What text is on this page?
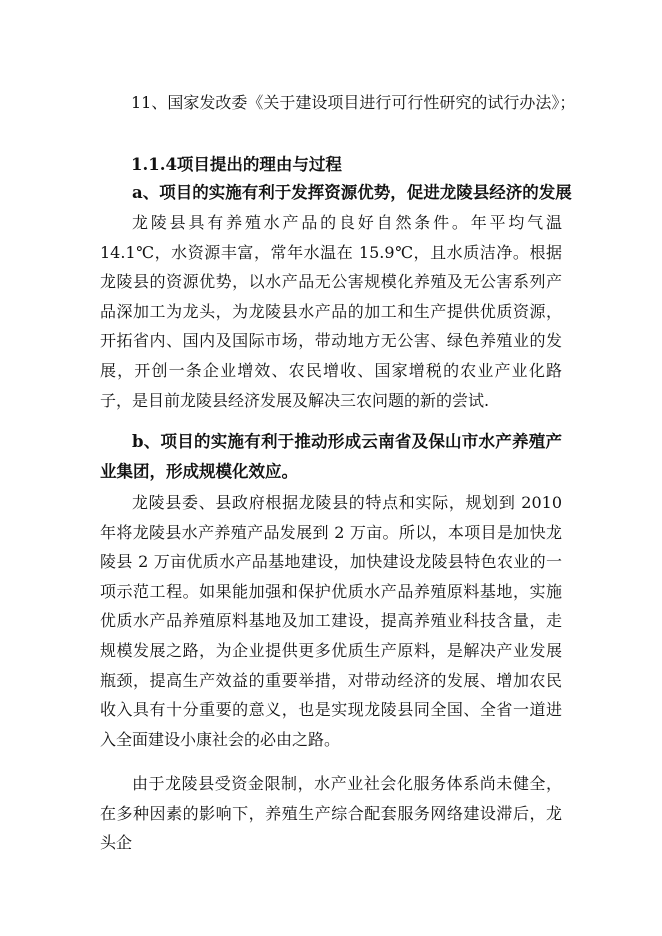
11、国家发改委《关于建设项目进行可行性研究的试行办法》；

1.1.4项目提出的理由与过程

a、项目的实施有利于发挥资源优势，促进龙陵县经济的发展

龙陵县具有养殖水产品的良好自然条件。年平均气温 14.1℃，水资源丰富，常年水温在 15.9℃，且水质洁净。根据龙陵县的资源优势，以水产品无公害规模化养殖及无公害系列产品深加工为龙头，为龙陵县水产品的加工和生产提供优质资源，开拓省内、国内及国际市场，带动地方无公害、绿色养殖业的发展，开创一条企业增效、农民增收、国家增税的农业产业化路子，是目前龙陵县经济发展及解决三农问题的新的尝试.

b、项目的实施有利于推动形成云南省及保山市水产养殖产业集团，形成规模化效应。

龙陵县委、县政府根据龙陵县的特点和实际，规划到 2010 年将龙陵县水产养殖产品发展到 2 万亩。所以，本项目是加快龙陵县 2 万亩优质水产品基地建设，加快建设龙陵县特色农业的一项示范工程。如果能加强和保护优质水产品养殖原料基地，实施优质水产品养殖原料基地及加工建设，提高养殖业科技含量，走规模发展之路，为企业提供更多优质生产原料，是解决产业发展瓶颈，提高生产效益的重要举措，对带动经济的发展、增加农民收入具有十分重要的意义，也是实现龙陵县同全国、全省一道进入全面建设小康社会的必由之路。

由于龙陵县受资金限制，水产业社会化服务体系尚未健全，在多种因素的影响下，养殖生产综合配套服务网络建设滞后，龙头企
